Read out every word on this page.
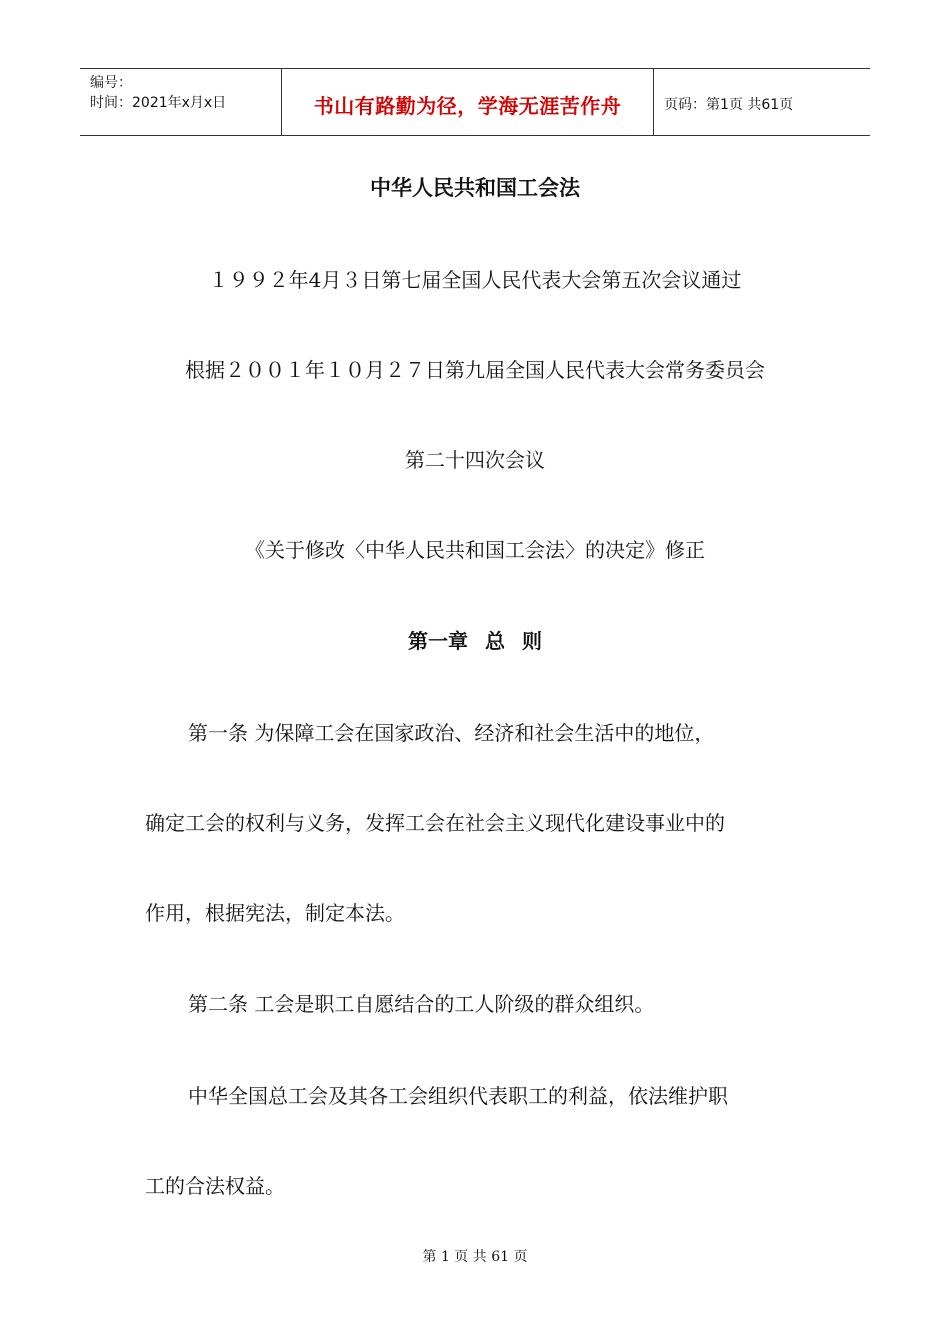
编号：
时间：2021年x月x日	书山有路勤为径，学海无涯苦作舟	页码：第1页 共61页
中华人民共和国工会法
１９９２年4月３日第七届全国人民代表大会第五次会议通过
根据２００１年１０月２７日第九届全国人民代表大会常务委员会
第二十四次会议
《关于修改〈中华人民共和国工会法〉的决定》修正
第一章 总 则
第一条 为保障工会在国家政治、经济和社会生活中的地位，
确定工会的权利与义务，发挥工会在社会主义现代化建设事业中的
作用，根据宪法，制定本法。
第二条 工会是职工自愿结合的工人阶级的群众组织。
中华全国总工会及其各工会组织代表职工的利益，依法维护职
工的合法权益。
第 1 页 共 61 页
